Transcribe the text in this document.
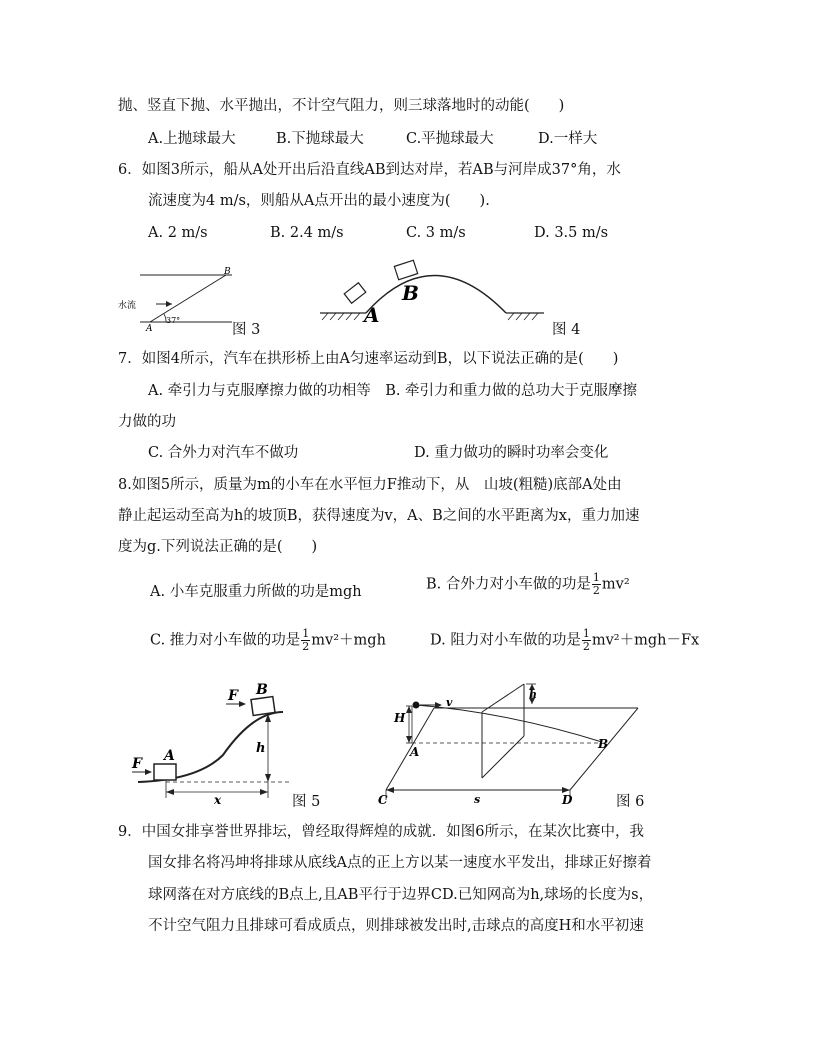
抛、竖直下抛、水平抛出，不计空气阻力，则三球落地时的动能(　　)
A.上抛球最大	B.下抛球最大	C.平抛球最大	D.一样大
6．如图3所示，船从A处开出后沿直线AB到达对岸，若AB与河岸成37°角，水
流速度为4 m/s，则船从A点开出的最小速度为(　　).
A. 2 m/s	B. 2.4 m/s	C. 3 m/s	D. 3.5 m/s
B
A
水流
37°
图 3
A
B
图 4
7．如图4所示，汽车在拱形桥上由A匀速率运动到B，以下说法正确的是(　　)
A. 牵引力与克服摩擦力做的功相等　B. 牵引力和重力做的总功大于克服摩擦
力做的功
C. 合外力对汽车不做功	D. 重力做功的瞬时功率会变化
8.如图5所示，质量为m的小车在水平恒力F推动下，从　山坡(粗糙)底部A处由
静止起运动至高为h的坡顶B，获得速度为v，A、B之间的水平距离为x，重力加速
度为g.下列说法正确的是(　　)
A. 小车克服重力所做的功是mgh	B. 合外力对小车做的功是 $\frac{1}{2} mv^2$
C. 推力对小车做的功是 $\frac{1}{2} mv^2+mgh$	D. 阻力对小车做的功是 $\frac{1}{2} mv^2+mgh-Fx$
F
F
A
B
h
x	图 5
v
H
h
A
B
C	D
s	图 6
9．中国女排享誉世界排坛，曾经取得辉煌的成就．如图6所示，在某次比赛中，我
国女排名将冯坤将排球从底线A点的正上方以某一速度水平发出，排球正好擦着
球网落在对方底线的B点上,且AB平行于边界CD.已知网高为h,球场的长度为s，
不计空气阻力且排球可看成质点，则排球被发出时,击球点的高度H和水平初速
